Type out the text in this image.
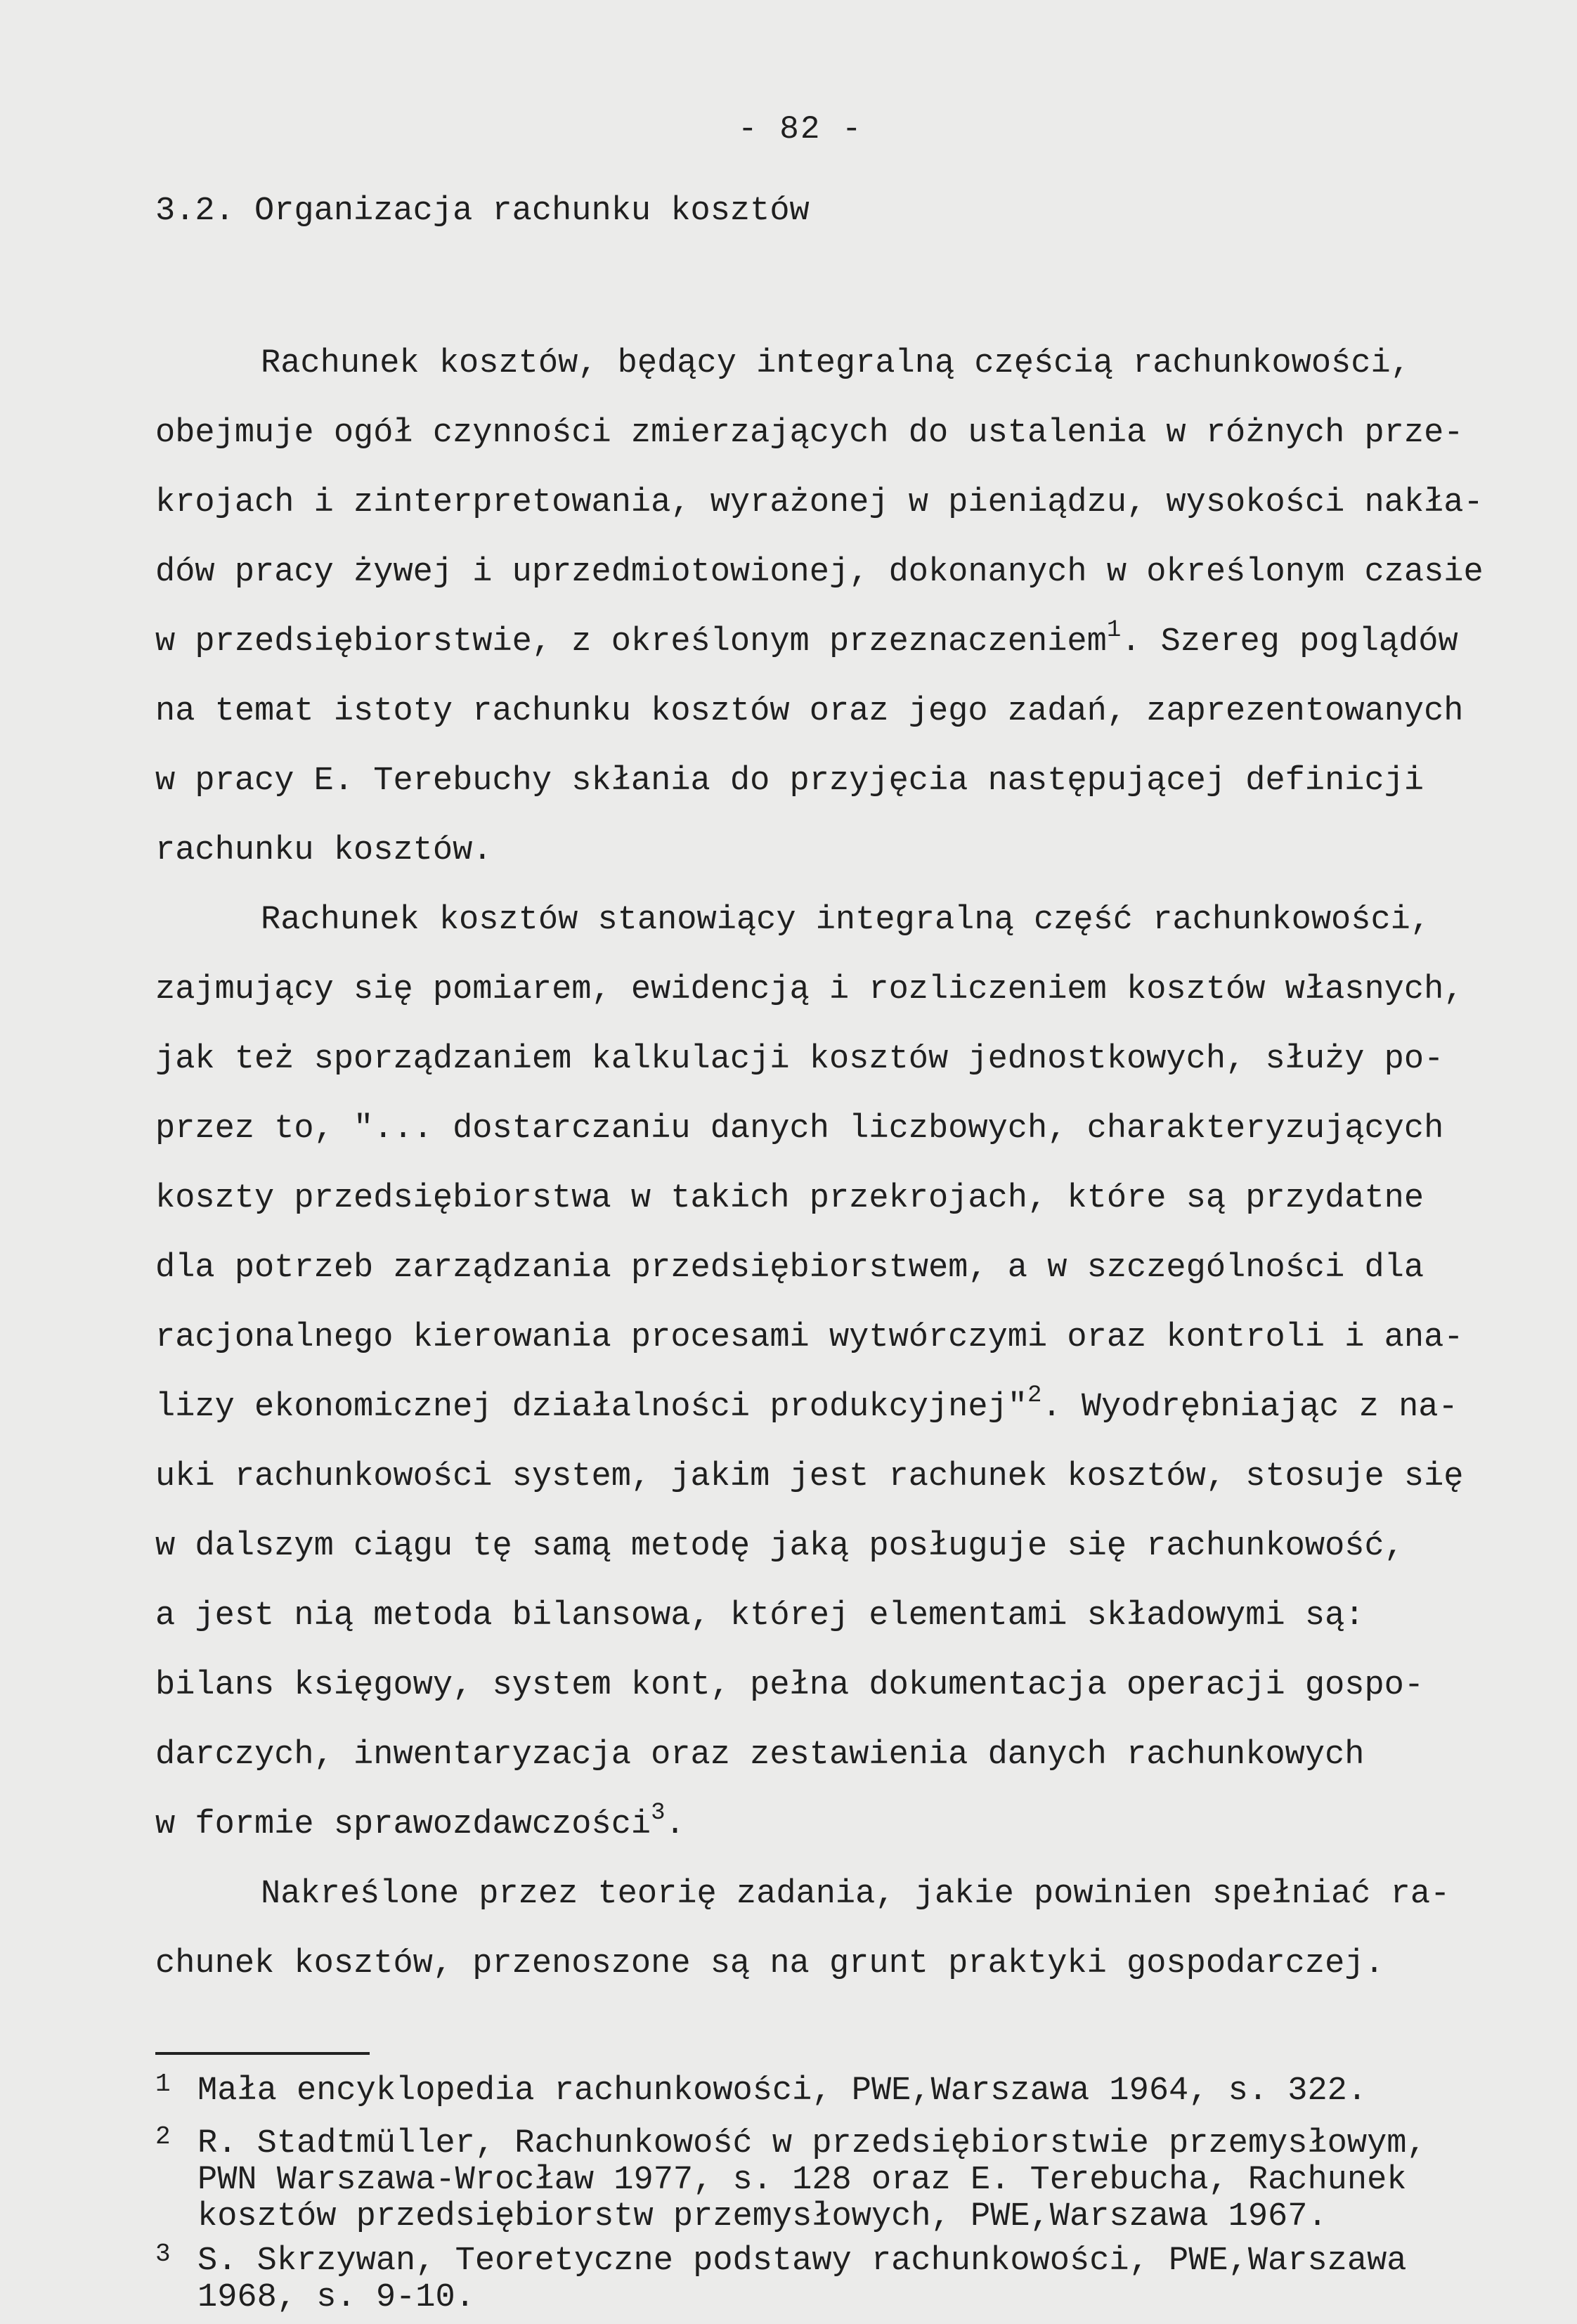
- 82 -
3.2. Organizacja rachunku kosztów
Rachunek kosztów, będący integralną częścią rachunkowości,
obejmuje ogół czynności zmierzających do ustalenia w różnych prze-
krojach i zinterpretowania, wyrażonej w pieniądzu, wysokości nakła-
dów pracy żywej i uprzedmiotowionej, dokonanych w określonym czasie
w przedsiębiorstwie, z określonym przeznaczeniem$^1$. Szereg poglądów
na temat istoty rachunku kosztów oraz jego zadań, zaprezentowanych
w pracy E. Terebuchy skłania do przyjęcia następującej definicji
rachunku kosztów.
Rachunek kosztów stanowiący integralną część rachunkowości,
zajmujący się pomiarem, ewidencją i rozliczeniem kosztów własnych,
jak też sporządzaniem kalkulacji kosztów jednostkowych, służy po-
przez to, "... dostarczaniu danych liczbowych, charakteryzujących
koszty przedsiębiorstwa w takich przekrojach, które są przydatne
dla potrzeb zarządzania przedsiębiorstwem, a w szczególności dla
racjonalnego kierowania procesami wytwórczymi oraz kontroli i ana-
lizy ekonomicznej działalności produkcyjnej"$^2$. Wyodrębniając z na-
uki rachunkowości system, jakim jest rachunek kosztów, stosuje się
w dalszym ciągu tę samą metodę jaką posługuje się rachunkowość,
a jest nią metoda bilansowa, której elementami składowymi są:
bilans księgowy, system kont, pełna dokumentacja operacji gospo-
darczych, inwentaryzacja oraz zestawienia danych rachunkowych
w formie sprawozdawczości$^3$.
Nakreślone przez teorię zadania, jakie powinien spełniać ra-
chunek kosztów, przenoszone są na grunt praktyki gospodarczej.
1 Mała encyklopedia rachunkowości, PWE,Warszawa 1964, s. 322.
2 R. Stadtmüller, Rachunkowość w przedsiębiorstwie przemysłowym,
PWN Warszawa-Wrocław 1977, s. 128 oraz E. Terebucha, Rachunek
kosztów przedsiębiorstw przemysłowych, PWE,Warszawa 1967.
3 S. Skrzywan, Teoretyczne podstawy rachunkowości, PWE,Warszawa
1968, s. 9-10.
